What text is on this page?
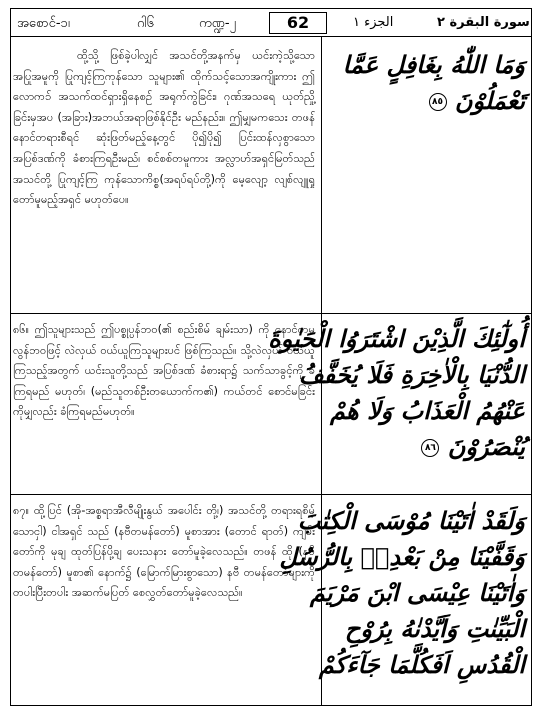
အစောင်-၁၊	ဂါ၆	ကဏ္ဍ-၂	62	الجزء ١	سورة البقرة ٢
ထို့သို့ ဖြစ်ခဲ့ပါလျှင် အသင်တို့အနက်မှ ယင်းကဲ့သို့သော အပြုအမူကို ပြုကျင့်ကြကုန်သော သူများ၏ ထိုက်သင့်သောအကျိုးကား ဤလောကၥ် အသက်ထင်ရှားရှိနေစဉ် အရုက်ကွဲခြင်း၊ ဂုဏ်အသရေ ယုတ်ညှို့ခြင်းမှအပ (အခြား)အဘယ်အရာဖြစ်နိုင်ဦး မည်နည်း။ ဤမျှမကသေး တဖန်နောင်တရားစီရင် ဆုံးဖြတ်မည့်နေ့တွင် ပို၍ပို၍ ပြင်းထန်လှစွာသော အပြစ်ဒဏ်ကို ခံစားကြရဦးမည်၊ စင်စစ်တမူကား အလ္လာဟ်အရှင်မြတ်သည် အသင်တို့ ပြုကျင့်ကြ ကုန်သောကိစ္စ(အရပ်ရပ်တို့)ကို မေ့လျော့ လျစ်လျူရှု တော်မူမည့်အရှင် မဟုတ်ပေ။
وَمَا اللّٰهُ بِغَافِلٍ عَمَّا
تَعْمَلُوْنَ ٨٥
၈၆။ ဤသူများသည် ဤပစ္စုပ္ပန်ဘဝ(၏ စည်းစိမ် ချမ်းသာ) ကို နောင်တမလွန်ဘဝဖြင့် လဲလှယ် ဝယ်ယူကြသူများပင် ဖြစ်ကြသည်။ သို့လဲလှယ် ဝယ်ယူကြသည့်အတွက် ယင်းသူတို့သည် အပြစ်ဒဏ် ခံစားရာ၌ သက်သာခွင့်ကို ခံကြရမည် မဟုတ်၊ (မည်သူတစ်ဦးတယောက်က၏) ကယ်တင် စောင်မခြင်း ကိုမျှလည်း ခံကြရမည်မဟုတ်။
أُولٰٓئِكَ الَّذِيْنَ اشْتَرَوُا الْحَيٰوةَ
الدُّنْيَا بِالْاٰخِرَةِ فَلَا يُخَفَّفُ
عَنْهُمُ الْعَذَابُ وَلَا هُمْ
يُنْصَرُوْنَ ٨٦
၈၇။ ထို့ပြင် (အို-အစ္စရာအီလီမျိုးနွယ် အပေါင်း တို့၊) အသင်တို့ တရားရစိမ့်သောငှါ) ငါအရှင် သည် (နဗီတမန်တော်) မူစာအား (တောင် ရာတ်) ကျမ်းတော်ကို မုချ ထုတ်ပြန်ပို့ချ ပေးသနား တော်မူခဲ့လေသည်။ တဖန် ထို (နဗီတမန်တော်) မူစာ၏ နောက်၌ (မြောက်မြားစွာသော) နဗီ တမန်တော်များကို တပါးပြီးတပါး အဆက်မပြတ် စေလွှတ်တော်မူခဲ့လေသည်။
وَلَقَدْ اٰتَيْنَا مُوْسَى الْكِتٰبَ
وَقَفَّيْنَا مِنْ بَعْدِهٖ بِالرُّسُلِ
وَاٰتَيْنَا عِيْسَى ابْنَ مَرْيَمَ
الْبَيِّنٰتِ وَاَيَّدْنٰهُ بِرُوْحِ
الْقُدُسِ اَفَكُلَّمَا جَآءَكُمْ
